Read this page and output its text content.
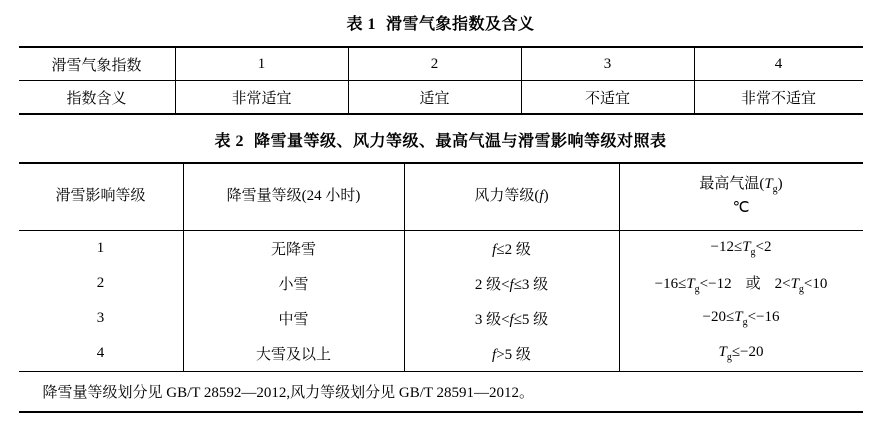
表 1 滑雪气象指数及含义
滑雪气象指数	1	2	3	4
指数含义	非常适宜	适宜	不适宜	非常不适宜
表 2 降雪量等级、风力等级、最高气温与滑雪影响等级对照表
滑雪影响等级	降雪量等级(24 小时)	风力等级(f)	最高气温$(T_g)$
℃
1	无降雪	f≤2 级	$-12\le T_g<2$
2	小雪	2 级<f≤3 级	$-16\le T_g<-12$ 或 $2<T_g<10$
3	中雪	3 级<f≤5 级	$-20\le T_g<-16$
4	大雪及以上	f>5 级	$T_g\le-20$
降雪量等级划分见 GB/T 28592—2012,风力等级划分见 GB/T 28591—2012。			
